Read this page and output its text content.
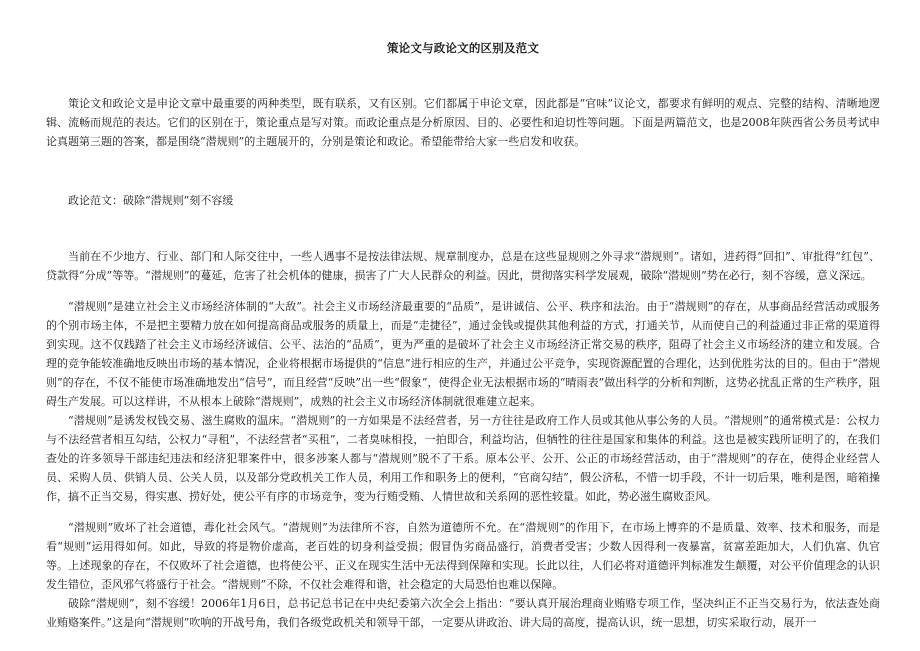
策论文与政论文的区别及范文

策论文和政论文是申论文章中最重要的两种类型，既有联系，又有区别。它们都属于申论文章，因此都是“官味”议论文，都要求有鲜明的观点、完整的结构、清晰地逻辑、流畅而规范的表达。它们的区别在于，策论重点是写对策。而政论重点是分析原因、目的、必要性和迫切性等问题。下面是两篇范文，也是2008年陕西省公务员考试申论真题第三题的答案，都是围绕“潜规则”的主题展开的，分别是策论和政论。希望能带给大家一些启发和收获。

政论范文：破除“潜规则”刻不容缓

当前在不少地方、行业、部门和人际交往中，一些人遇事不是按法律法规、规章制度办，总是在这些显规则之外寻求“潜规则”。诸如，进药得“回扣”、审批得“红包”、贷款得“分成”等等。“潜规则”的蔓延，危害了社会机体的健康，损害了广大人民群众的利益。因此，贯彻落实科学发展观，破除“潜规则”势在必行，刻不容缓，意义深远。

“潜规则”是建立社会主义市场经济体制的“大敌”。社会主义市场经济最重要的“品质”，是讲诚信、公平、秩序和法治。由于“潜规则”的存在，从事商品经营活动或服务的个别市场主体，不是把主要精力放在如何提高商品或服务的质量上，而是“走捷径”，通过金钱或提供其他利益的方式，打通关节，从而使自己的利益通过非正常的渠道得到实现。这不仅践踏了社会主义市场经济诚信、公平、法治的“品质”，更为严重的是破坏了社会主义市场经济正常交易的秩序，阻碍了社会主义市场经济的建立和发展。合理的竞争能较准确地反映出市场的基本情况，企业将根据市场提供的“信息”进行相应的生产，并通过公平竞争，实现资源配置的合理化，达到优胜劣汰的目的。但由于“潜规则”的存在，不仅不能使市场准确地发出“信号”，而且经营“反映”出一些“假象”，使得企业无法根据市场的“晴雨表”做出科学的分析和判断，这势必扰乱正常的生产秩序，阻碍生产发展。可以这样讲，不从根本上破除“潜规则”，成熟的社会主义市场经济体制就很难建立起来。

“潜规则”是诱发权钱交易、滋生腐败的温床。“潜规则”的一方如果是不法经营者，另一方往往是政府工作人员或其他从事公务的人员。“潜规则”的通常模式是：公权力与不法经营者相互勾结，公权力“寻租”，不法经营者“买租”，二者臭味相投，一拍即合，利益均沾，但牺牲的往往是国家和集体的利益。这也是被实践所证明了的，在我们查处的许多领导干部违纪违法和经济犯罪案件中，很多涉案人都与“潜规则”脱不了干系。原本公平、公开、公正的市场经营活动，由于“潜规则”的存在，使得企业经营人员、采购人员、供销人员、公关人员，以及部分党政机关工作人员，利用工作和职务上的便利，“官商勾结”，假公济私，不惜一切手段，不计一切后果，唯利是图，暗箱操作，搞不正当交易，得实惠、捞好处，使公平有序的市场竞争，变为行贿受贿、人情世故和关系网的恶性较量。如此，势必滋生腐败歪风。

“潜规则”败坏了社会道德，毒化社会风气。“潜规则”为法律所不容，自然为道德所不允。在“潜规则”的作用下，在市场上博弈的不是质量、效率、技术和服务，而是看“规则”运用得如何。如此，导致的将是物价虚高，老百姓的切身利益受损；假冒伪劣商品盛行，消费者受害；少数人因得利一夜暴富，贫富差距加大，人们仇富、仇官等。上述现象的存在，不仅败坏了社会道德，也将使公平、正义在现实生活中无法得到保障和实现。长此以往，人们必将对道德评判标准发生颠覆，对公平价值理念的认识发生错位，歪风邪气将盛行于社会。“潜规则”不除，不仅社会难得和谐，社会稳定的大局恐怕也难以保障。

破除“潜规则”，刻不容缓！2006年1月6日，总书记总书记在中央纪委第六次全会上指出：“要认真开展治理商业贿赂专项工作，坚决纠正不正当交易行为，依法查处商业贿赂案件。”这是向“潜规则”吹响的开战号角，我们各级党政机关和领导干部，一定要从讲政治、讲大局的高度，提高认识，统一思想，切实采取行动，展开一
